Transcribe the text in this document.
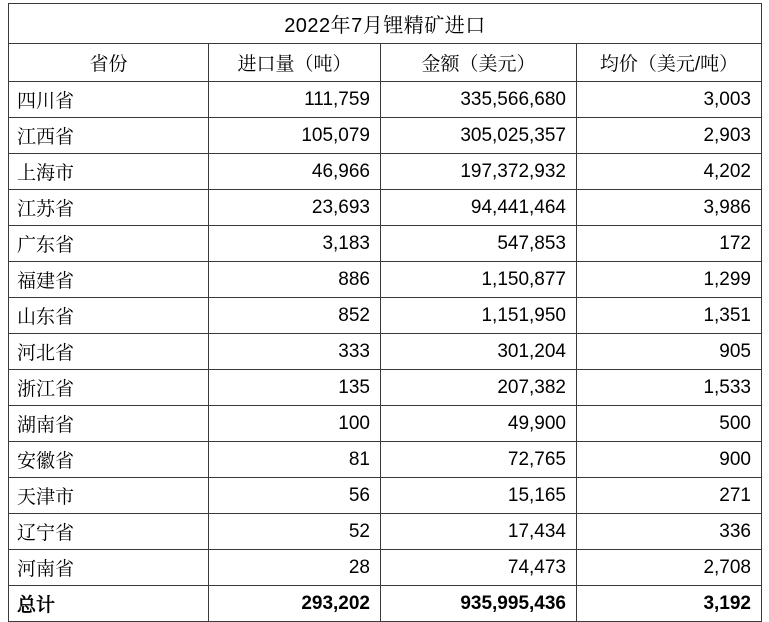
2022年7月锂精矿进口			
省份	进口量（吨）	金额（美元）	均价（美元/吨）
四川省	111,759	335,566,680	3,003
江西省	105,079	305,025,357	2,903
上海市	46,966	197,372,932	4,202
江苏省	23,693	94,441,464	3,986
广东省	3,183	547,853	172
福建省	886	1,150,877	1,299
山东省	852	1,151,950	1,351
河北省	333	301,204	905
浙江省	135	207,382	1,533
湖南省	100	49,900	500
安徽省	81	72,765	900
天津市	56	15,165	271
辽宁省	52	17,434	336
河南省	28	74,473	2,708
总计	293,202	935,995,436	3,192
